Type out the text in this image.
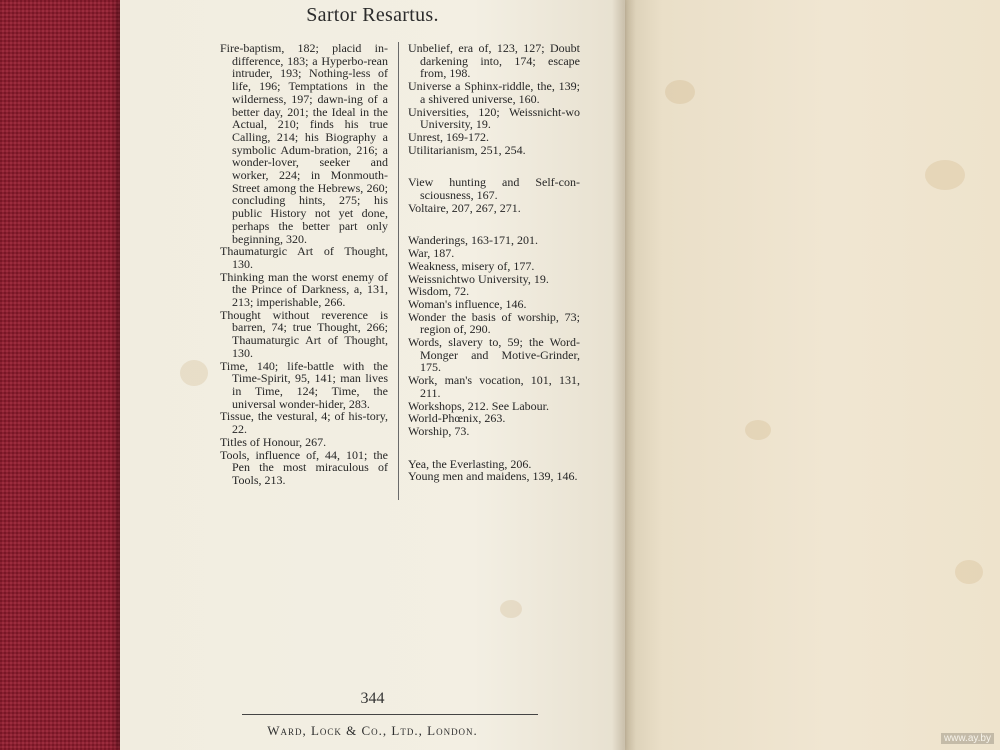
Sartor Resartus.

Fire-baptism, 182; placid in-difference, 183; a Hyperbo-rean intruder, 193; Nothing-less of life, 196; Temptations in the wilderness, 197; dawn-ing of a better day, 201; the Ideal in the Actual, 210; finds his true Calling, 214; his Biography a symbolic Adum-bration, 216; a wonder-lover, seeker and worker, 224; in Monmouth-Street among the Hebrews, 260; concluding hints, 275; his public History not yet done, perhaps the better part only beginning, 320.

Thaumaturgic Art of Thought, 130.

Thinking man the worst enemy of the Prince of Darkness, a, 131, 213; imperishable, 266.

Thought without reverence is barren, 74; true Thought, 266; Thaumaturgic Art of Thought, 130.

Time, 140; life-battle with the Time-Spirit, 95, 141; man lives in Time, 124; Time, the universal wonder-hider, 283.

Tissue, the vestural, 4; of his-tory, 22.

Titles of Honour, 267.

Tools, influence of, 44, 101; the Pen the most miraculous of Tools, 213.

Unbelief, era of, 123, 127; Doubt darkening into, 174; escape from, 198.

Universe a Sphinx-riddle, the, 139; a shivered universe, 160.

Universities, 120; Weissnicht-wo University, 19.

Unrest, 169-172.

Utilitarianism, 251, 254.

View hunting and Self-con-sciousness, 167.

Voltaire, 207, 267, 271.

Wanderings, 163-171, 201.

War, 187.

Weakness, misery of, 177.

Weissnichtwo University, 19.

Wisdom, 72.

Woman's influence, 146.

Wonder the basis of worship, 73; region of, 290.

Words, slavery to, 59; the Word-Monger and Motive-Grinder, 175.

Work, man's vocation, 101, 131, 211.

Workshops, 212. See Labour.

World-Phœnix, 263.

Worship, 73.

Yea, the Everlasting, 206.

Young men and maidens, 139, 146.

344
Ward, Lock & Co., Ltd., London.
www.ay.by
